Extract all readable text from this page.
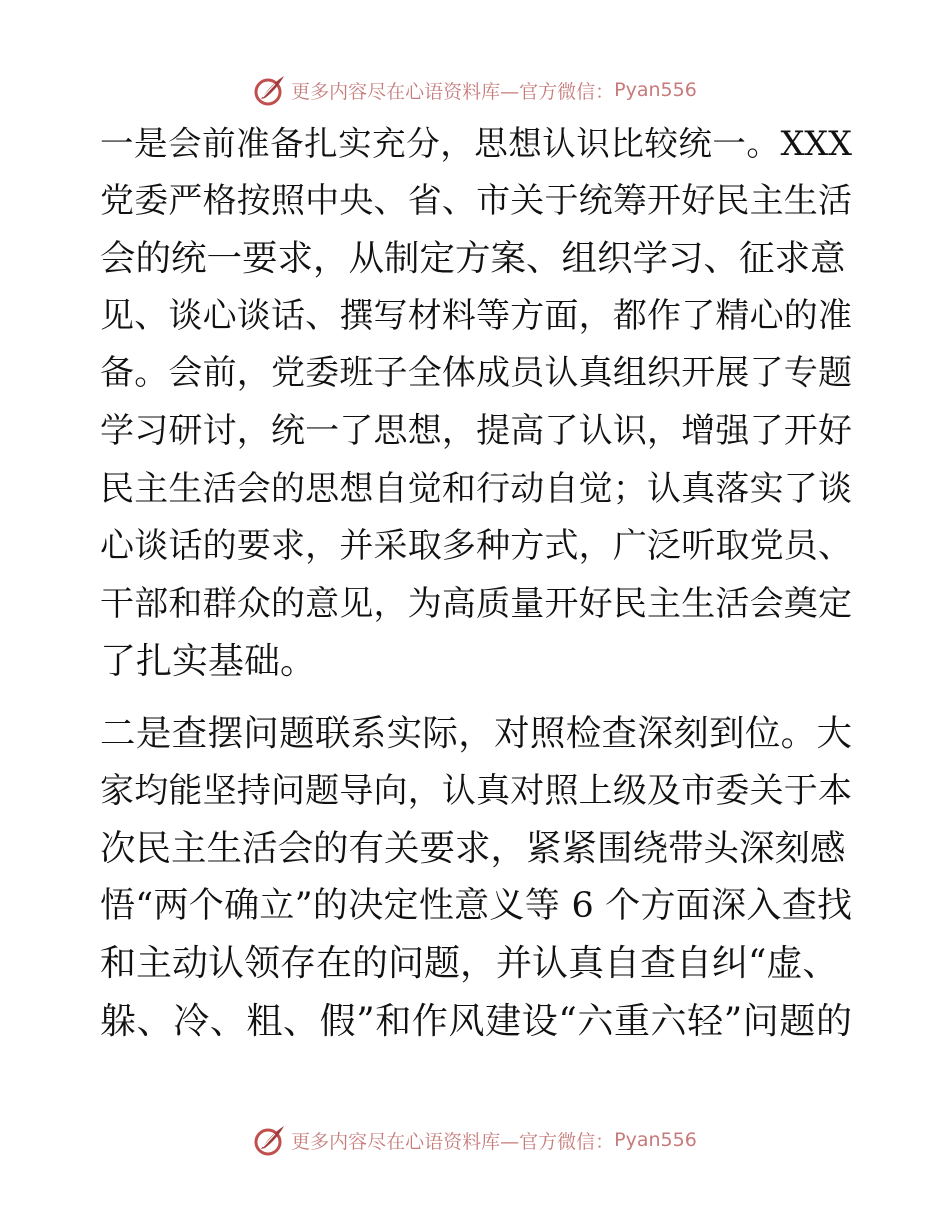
更多内容尽在心语资料库—官方微信： Pyan556
一是会前准备扎实充分，思想认识比较统一。XXX
党委严格按照中央、省、市关于统筹开好民主生活
会的统一要求，从制定方案、组织学习、征求意
见、谈心谈话、撰写材料等方面，都作了精心的准
备。会前，党委班子全体成员认真组织开展了专题
学习研讨，统一了思想，提高了认识，增强了开好
民主生活会的思想自觉和行动自觉；认真落实了谈
心谈话的要求，并采取多种方式，广泛听取党员、
干部和群众的意见，为高质量开好民主生活会奠定
了扎实基础。
二是查摆问题联系实际，对照检查深刻到位。大
家均能坚持问题导向，认真对照上级及市委关于本
次民主生活会的有关要求，紧紧围绕带头深刻感
悟“两个确立”的决定性意义等 6 个方面深入查找
和主动认领存在的问题，并认真自查自纠“虚、
躲、冷、粗、假”和作风建设“六重六轻”问题的
更多内容尽在心语资料库—官方微信： Pyan556
